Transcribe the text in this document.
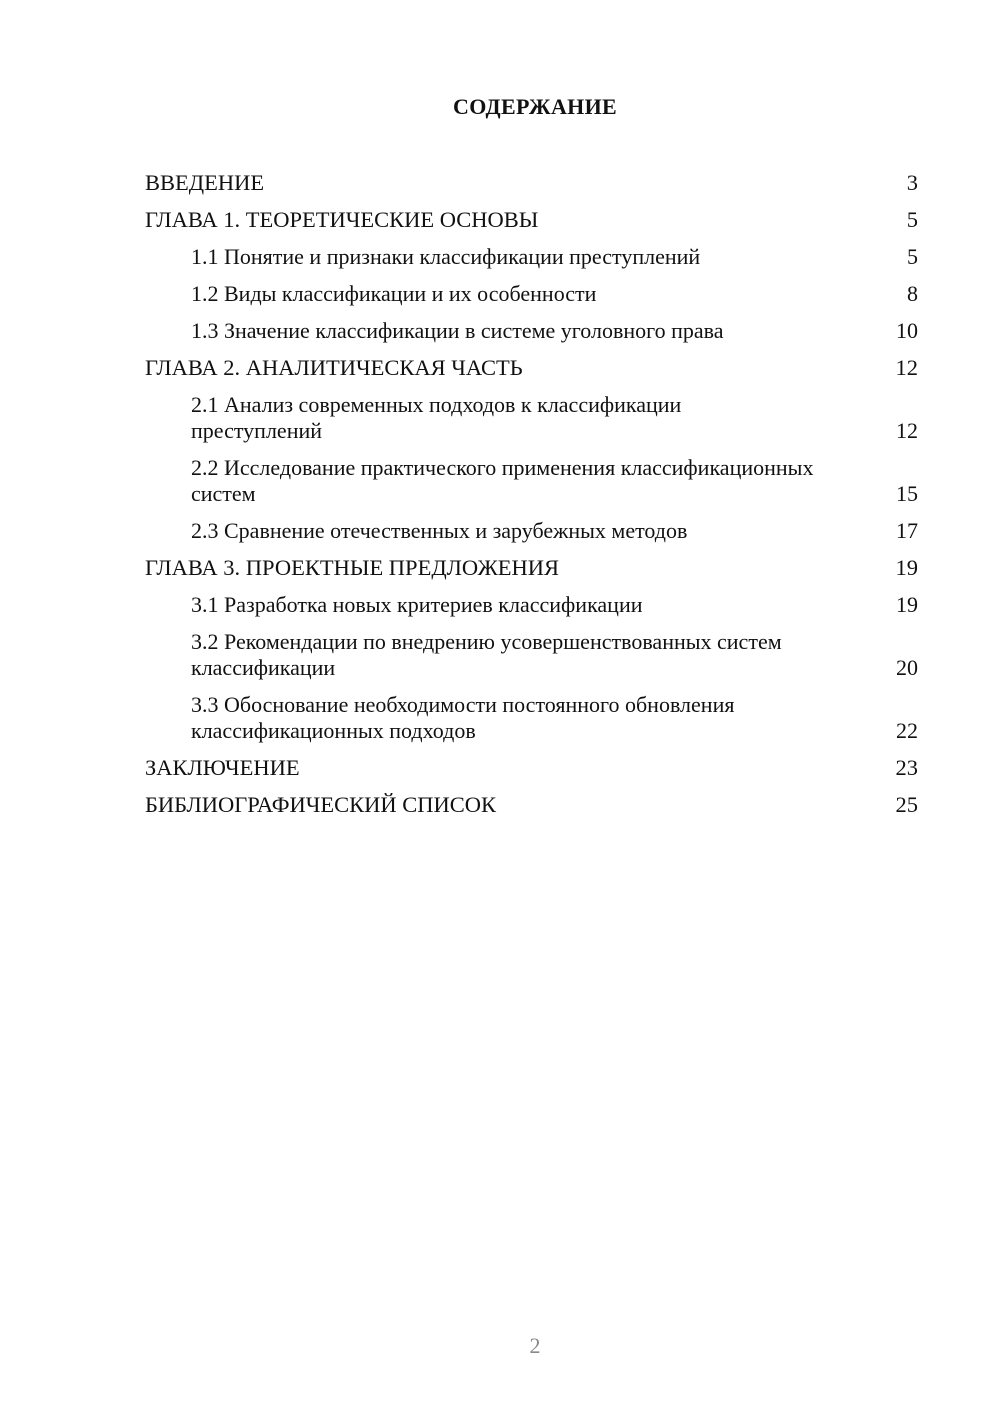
СОДЕРЖАНИЕ
ВВЕДЕНИЕ	3
ГЛАВА 1. ТЕОРЕТИЧЕСКИЕ ОСНОВЫ	5
1.1 Понятие и признаки классификации преступлений	5
1.2 Виды классификации и их особенности	8
1.3 Значение классификации в системе уголовного права	10
ГЛАВА 2. АНАЛИТИЧЕСКАЯ ЧАСТЬ	12
2.1 Анализ современных подходов к классификации преступлений	12
2.2 Исследование практического применения классификационных систем	15
2.3 Сравнение отечественных и зарубежных методов	17
ГЛАВА 3. ПРОЕКТНЫЕ ПРЕДЛОЖЕНИЯ	19
3.1 Разработка новых критериев классификации	19
3.2 Рекомендации по внедрению усовершенствованных систем классификации	20
3.3 Обоснование необходимости постоянного обновления классификационных подходов	22
ЗАКЛЮЧЕНИЕ	23
БИБЛИОГРАФИЧЕСКИЙ СПИСОК	25
2
